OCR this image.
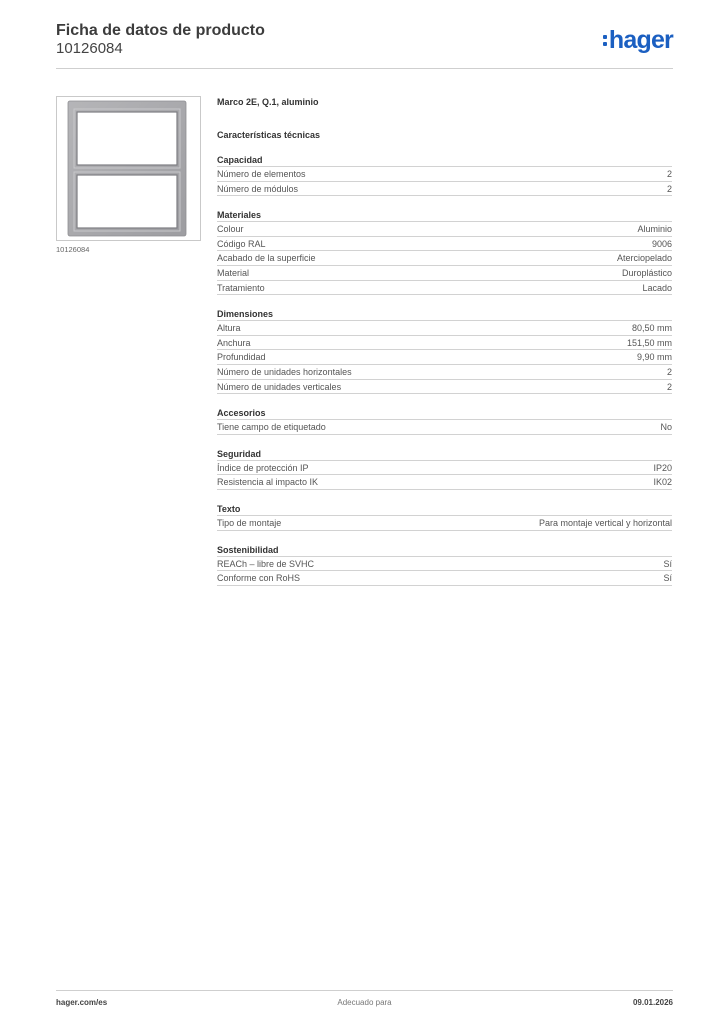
Ficha de datos de producto
10126084	hager
10126084
Marco 2E, Q.1, aluminio
Características técnicas
Capacidad
Número de elementos	2
Número de módulos	2
Materiales
Colour	Aluminio
Código RAL	9006
Acabado de la superficie	Aterciopelado
Material	Duroplástico
Tratamiento	Lacado
Dimensiones
Altura	80,50 mm
Anchura	151,50 mm
Profundidad	9,90 mm
Número de unidades horizontales	2
Número de unidades verticales	2
Accesorios
Tiene campo de etiquetado	No
Seguridad
Índice de protección IP	IP20
Resistencia al impacto IK	IK02
Texto
Tipo de montaje	Para montaje vertical y horizontal
Sostenibilidad
REACh – libre de SVHC	Sí
Conforme con RoHS	Sí
hager.com/es	Adecuado para	09.01.2026
